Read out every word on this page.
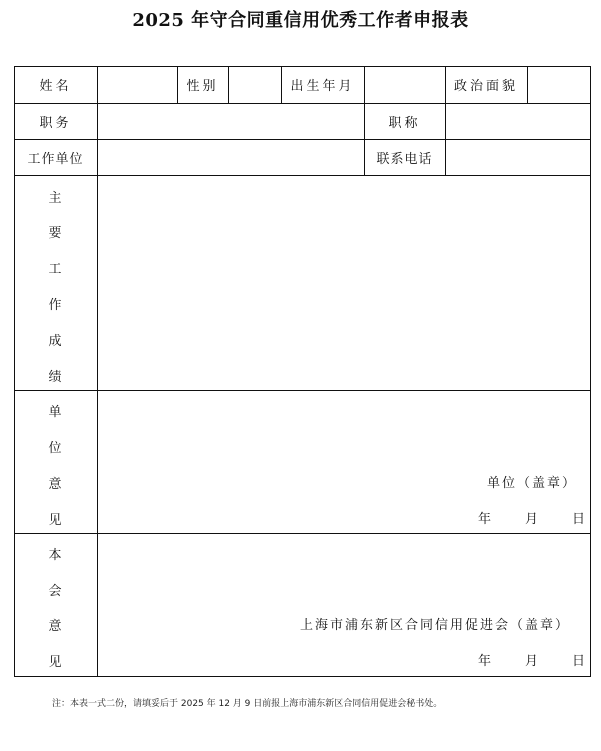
2025 年守合同重信用优秀工作者申报表
姓名	性别	出生年月	政治面貌
职务	职称
工作单位	联系电话
主
要
工
作
成
绩
单
位
意
见
单位（盖章）
年 月 日
本
会
意
见
上海市浦东新区合同信用促进会（盖章）
年 月 日
注：本表一式二份，请填妥后于 2025 年 12 月 9 日前报上海市浦东新区合同信用促进会秘书处。
